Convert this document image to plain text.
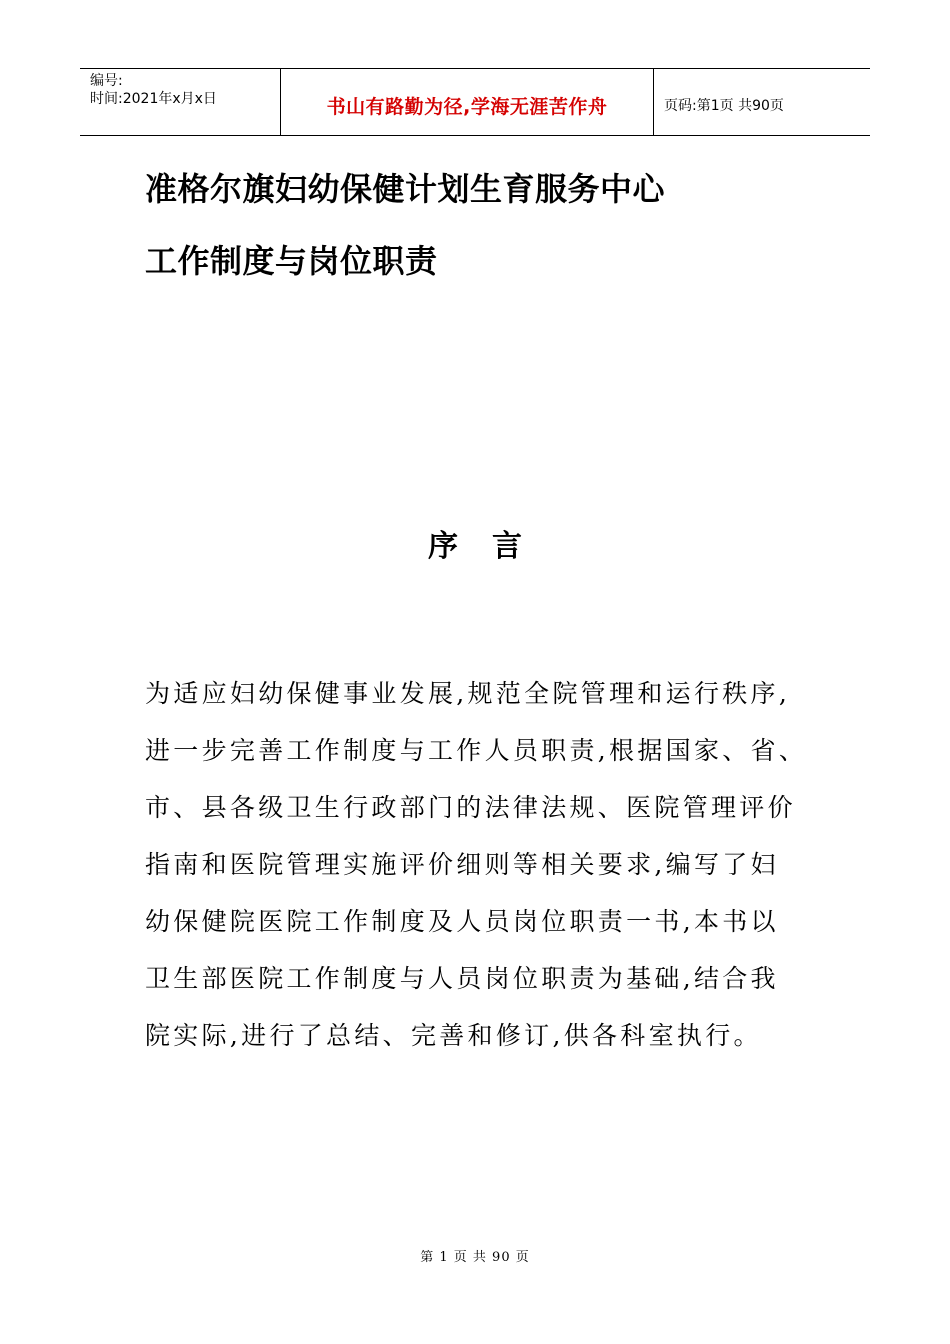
编号:
时间:2021年x月x日	书山有路勤为径,学海无涯苦作舟	页码:第1页 共90页
准格尔旗妇幼保健计划生育服务中心
工作制度与岗位职责
序 言
为适应妇幼保健事业发展,规范全院管理和运行秩序,
进一步完善工作制度与工作人员职责,根据国家、省、
市、县各级卫生行政部门的法律法规、医院管理评价
指南和医院管理实施评价细则等相关要求,编写了妇
幼保健院医院工作制度及人员岗位职责一书,本书以
卫生部医院工作制度与人员岗位职责为基础,结合我
院实际,进行了总结、完善和修订,供各科室执行。
第 1 页 共 90 页
